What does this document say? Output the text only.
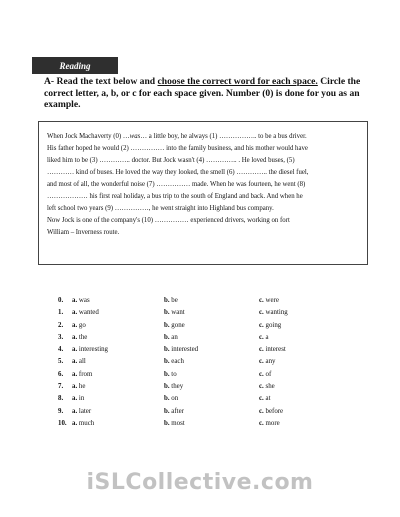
Reading
A- Read the text below and choose the correct word for each space. Circle the correct letter, a, b, or c for each space given. Number (0) is done for you as an example.

When Jock Machaverty (0) …was… a little boy, he always (1) …………….. to be a bus driver.

His father hoped he would (2) …………… into the family business, and his mother would have

liked him to be (3) ………….. doctor. But Jock wasn't (4) ………….. . He loved buses, (5)

………… kind of buses. He loved the way they looked, the smell (6) ………….. the diesel fuel,

and most of all, the wonderful noise (7) …………… made. When he was fourteen, he went (8)

……………… his first real holiday, a bus trip to the south of England and back. And when he

left school two years (9) ……………, he went straight into Highland bus company.

Now Jock is one of the company's (10) …………… experienced drivers, working on fort

William – Inverness route.

0. a. was	b. be	c. were
1. a. wanted	b. want	c. wanting
2. a. go	b. gone	c. going
3. a. the	b. an	c. a
4. a. interesting	b. interested	c. interest
5. a. all	b. each	c. any
6. a. from	b. to	c. of
7. a. he	b. they	c. she
8. a. in	b. on	c. at
9. a. later	b. after	c. before
10. a. much	b. most	c. more
iSLCollective.com
